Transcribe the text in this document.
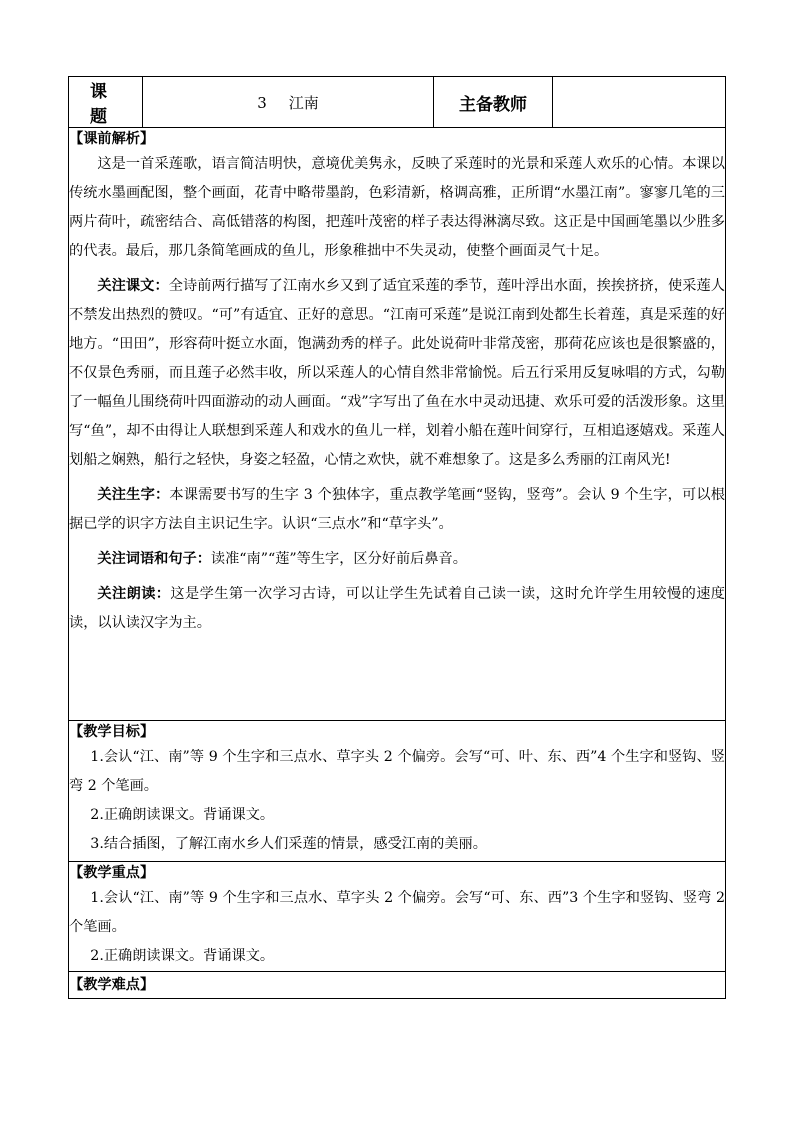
课　题	3 江南	主备教师	

【课前解析】

这是一首采莲歌，语言简洁明快，意境优美隽永，反映了采莲时的光景和采莲人欢乐的心情。本课以传统水墨画配图，整个画面，花青中略带墨韵，色彩清新，格调高雅，正所谓“水墨江南”。寥寥几笔的三两片荷叶，疏密结合、高低错落的构图，把莲叶茂密的样子表达得淋漓尽致。这正是中国画笔墨以少胜多的代表。最后，那几条简笔画成的鱼儿，形象稚拙中不失灵动，使整个画面灵气十足。

关注课文：全诗前两行描写了江南水乡又到了适宜采莲的季节，莲叶浮出水面，挨挨挤挤，使采莲人不禁发出热烈的赞叹。“可”有适宜、正好的意思。“江南可采莲”是说江南到处都生长着莲，真是采莲的好地方。“田田”，形容荷叶挺立水面，饱满劲秀的样子。此处说荷叶非常茂密，那荷花应该也是很繁盛的，不仅景色秀丽，而且莲子必然丰收，所以采莲人的心情自然非常愉悦。后五行采用反复咏唱的方式，勾勒了一幅鱼儿围绕荷叶四面游动的动人画面。“戏”字写出了鱼在水中灵动迅捷、欢乐可爱的活泼形象。这里写“鱼”，却不由得让人联想到采莲人和戏水的鱼儿一样，划着小船在莲叶间穿行，互相追逐嬉戏。采莲人划船之娴熟，船行之轻快，身姿之轻盈，心情之欢快，就不难想象了。这是多么秀丽的江南风光!

关注生字：本课需要书写的生字 3 个独体字，重点教学笔画“竖钩，竖弯”。会认 9 个生字，可以根据已学的识字方法自主识记生字。认识“三点水”和“草字头”。

关注词语和句子：读准“南”“莲”等生字，区分好前后鼻音。

关注朗读：这是学生第一次学习古诗，可以让学生先试着自己读一读，这时允许学生用较慢的速度读，以认读汉字为主。

【教学目标】

1.会认“江、南”等 9 个生字和三点水、草字头 2 个偏旁。会写“可、叶、东、西”4 个生字和竖钩、竖弯 2 个笔画。

2.正确朗读课文。背诵课文。

3.结合插图，了解江南水乡人们采莲的情景，感受江南的美丽。

【教学重点】

1.会认“江、南”等 9 个生字和三点水、草字头 2 个偏旁。会写“可、东、西”3 个生字和竖钩、竖弯 2 个笔画。

2.正确朗读课文。背诵课文。

【教学难点】
